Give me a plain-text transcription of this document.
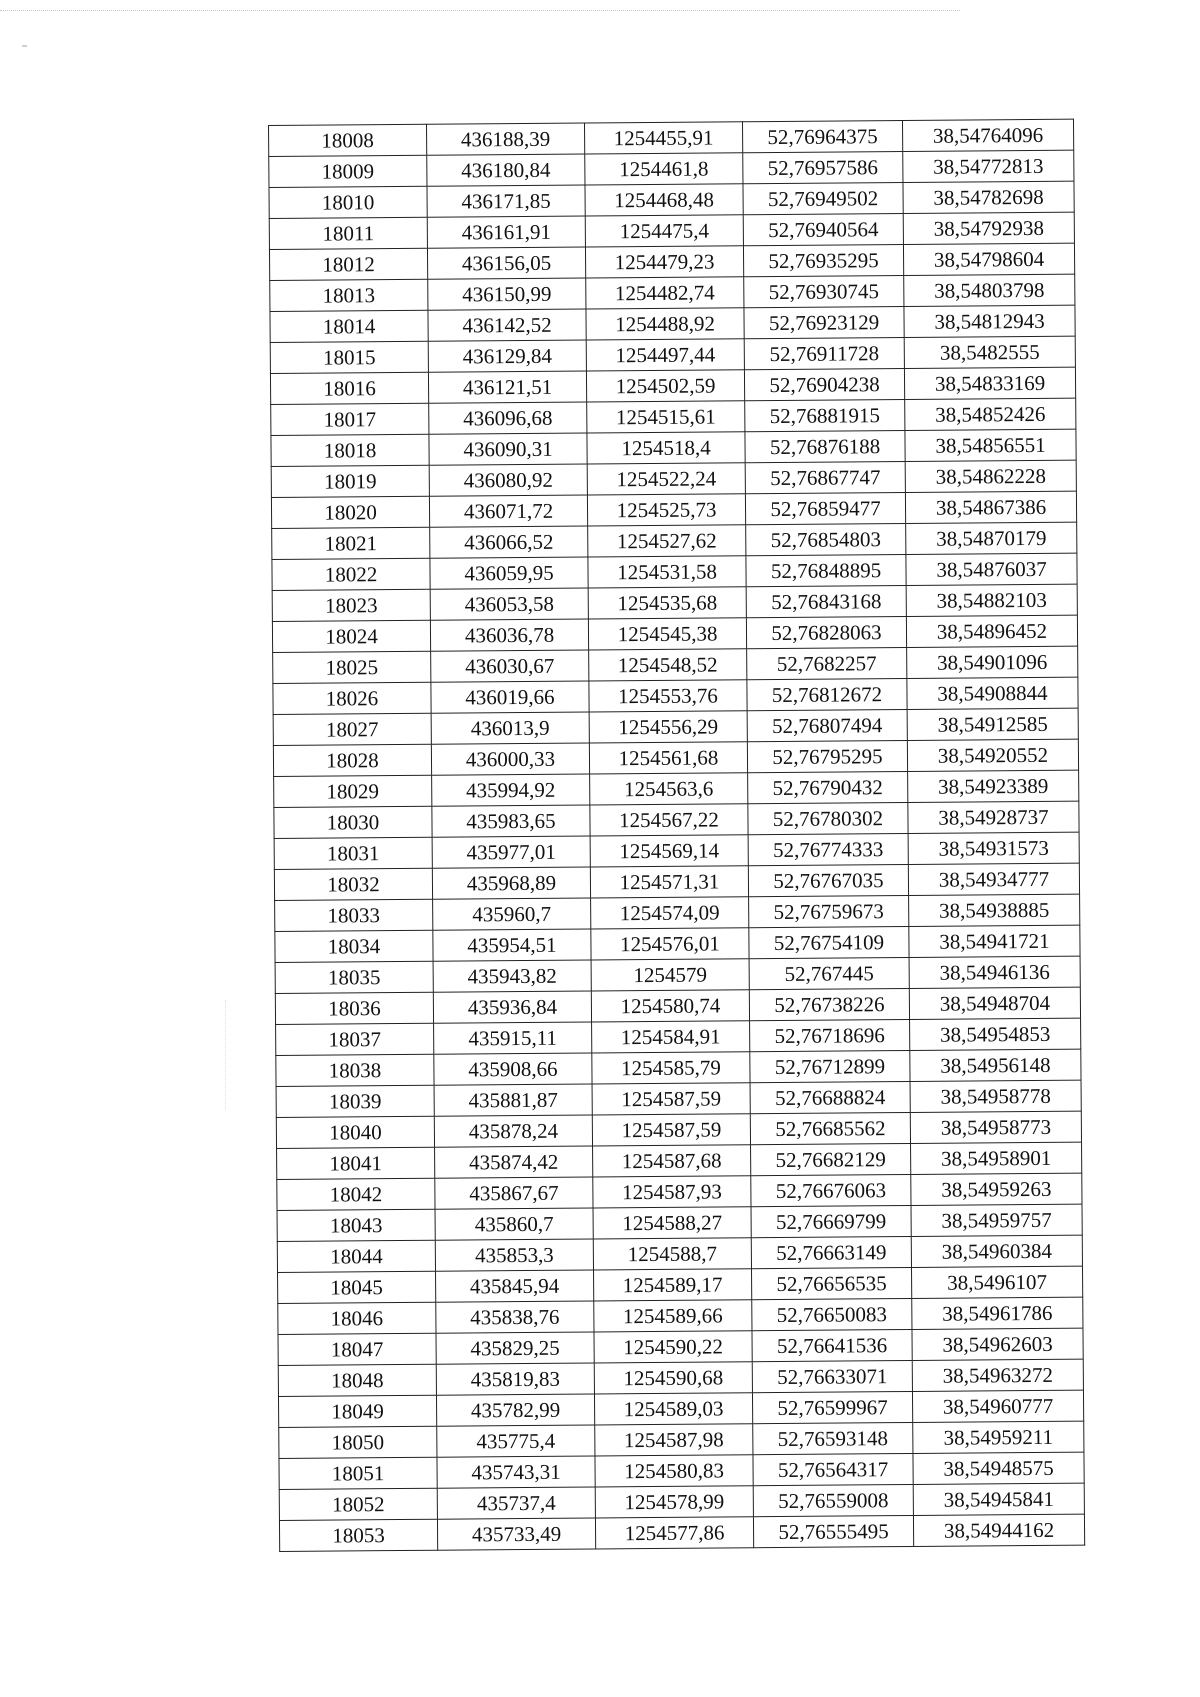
18008	436188,39	1254455,91	52,76964375	38,54764096
18009	436180,84	1254461,8	52,76957586	38,54772813
18010	436171,85	1254468,48	52,76949502	38,54782698
18011	436161,91	1254475,4	52,76940564	38,54792938
18012	436156,05	1254479,23	52,76935295	38,54798604
18013	436150,99	1254482,74	52,76930745	38,54803798
18014	436142,52	1254488,92	52,76923129	38,54812943
18015	436129,84	1254497,44	52,76911728	38,5482555
18016	436121,51	1254502,59	52,76904238	38,54833169
18017	436096,68	1254515,61	52,76881915	38,54852426
18018	436090,31	1254518,4	52,76876188	38,54856551
18019	436080,92	1254522,24	52,76867747	38,54862228
18020	436071,72	1254525,73	52,76859477	38,54867386
18021	436066,52	1254527,62	52,76854803	38,54870179
18022	436059,95	1254531,58	52,76848895	38,54876037
18023	436053,58	1254535,68	52,76843168	38,54882103
18024	436036,78	1254545,38	52,76828063	38,54896452
18025	436030,67	1254548,52	52,7682257	38,54901096
18026	436019,66	1254553,76	52,76812672	38,54908844
18027	436013,9	1254556,29	52,76807494	38,54912585
18028	436000,33	1254561,68	52,76795295	38,54920552
18029	435994,92	1254563,6	52,76790432	38,54923389
18030	435983,65	1254567,22	52,76780302	38,54928737
18031	435977,01	1254569,14	52,76774333	38,54931573
18032	435968,89	1254571,31	52,76767035	38,54934777
18033	435960,7	1254574,09	52,76759673	38,54938885
18034	435954,51	1254576,01	52,76754109	38,54941721
18035	435943,82	1254579	52,767445	38,54946136
18036	435936,84	1254580,74	52,76738226	38,54948704
18037	435915,11	1254584,91	52,76718696	38,54954853
18038	435908,66	1254585,79	52,76712899	38,54956148
18039	435881,87	1254587,59	52,76688824	38,54958778
18040	435878,24	1254587,59	52,76685562	38,54958773
18041	435874,42	1254587,68	52,76682129	38,54958901
18042	435867,67	1254587,93	52,76676063	38,54959263
18043	435860,7	1254588,27	52,76669799	38,54959757
18044	435853,3	1254588,7	52,76663149	38,54960384
18045	435845,94	1254589,17	52,76656535	38,5496107
18046	435838,76	1254589,66	52,76650083	38,54961786
18047	435829,25	1254590,22	52,76641536	38,54962603
18048	435819,83	1254590,68	52,76633071	38,54963272
18049	435782,99	1254589,03	52,76599967	38,54960777
18050	435775,4	1254587,98	52,76593148	38,54959211
18051	435743,31	1254580,83	52,76564317	38,54948575
18052	435737,4	1254578,99	52,76559008	38,54945841
18053	435733,49	1254577,86	52,76555495	38,54944162
